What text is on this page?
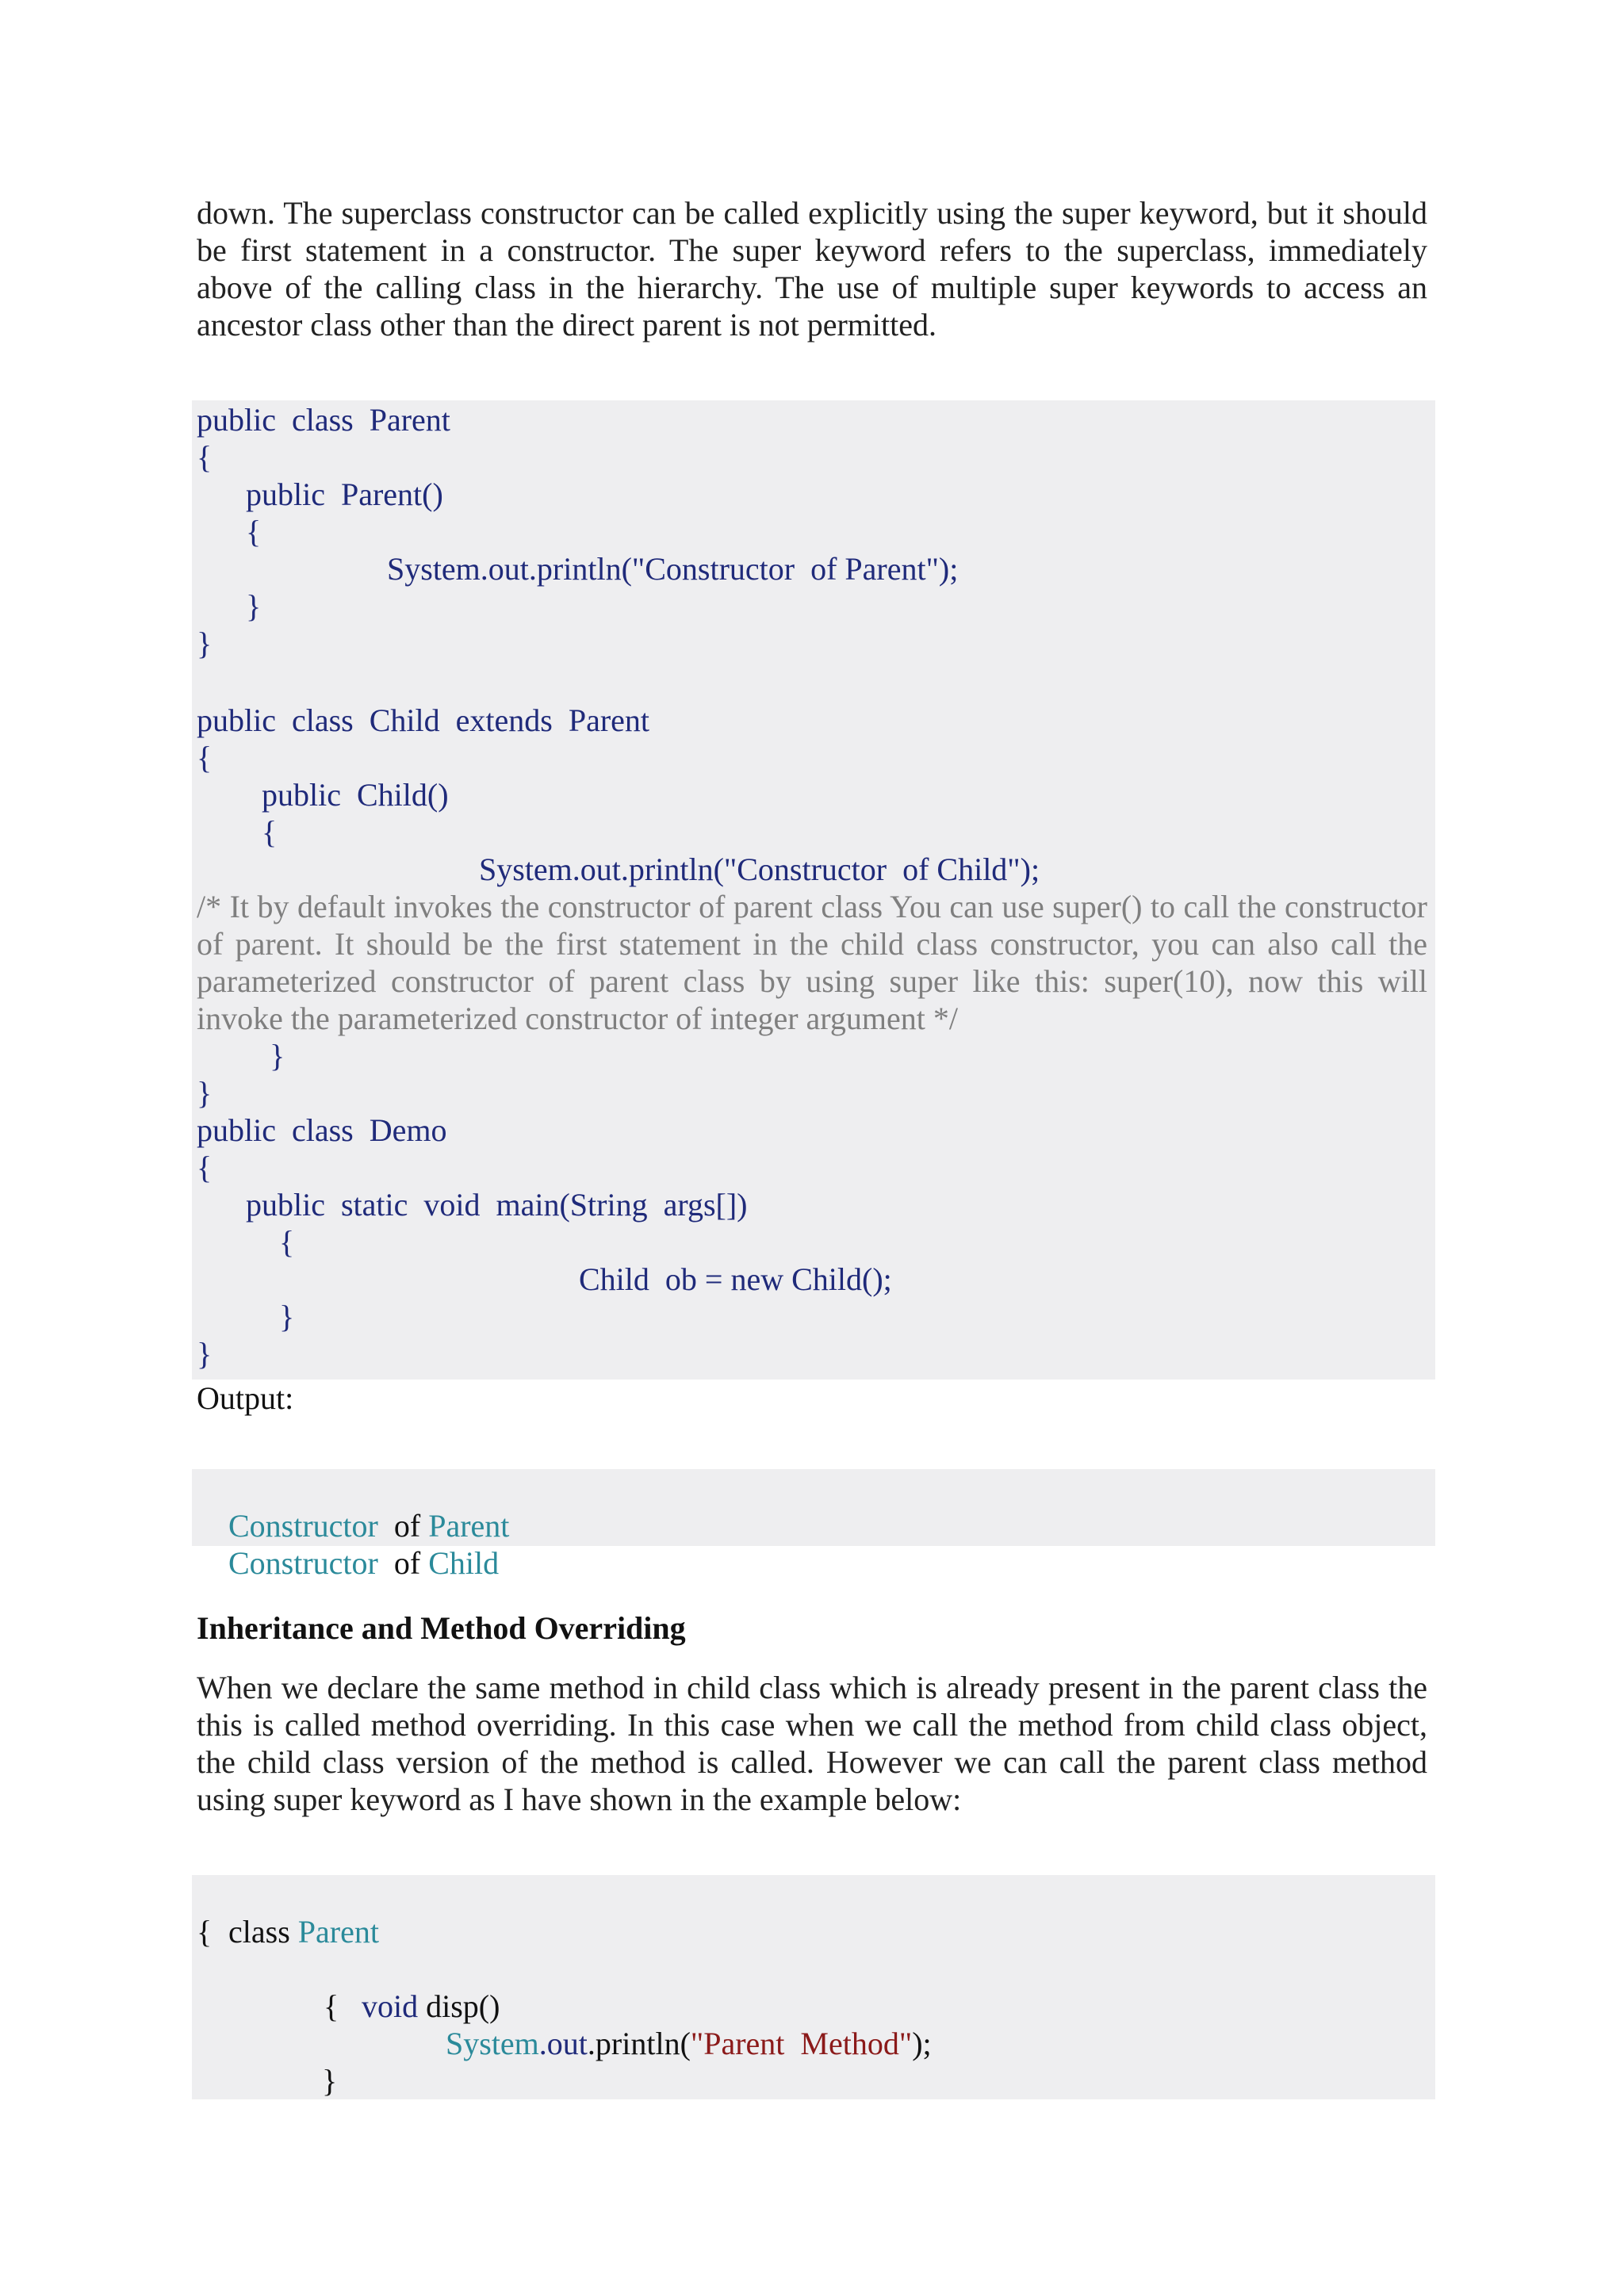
down. The superclass constructor can be called explicitly using the super keyword, but it should be first statement in a constructor. The super keyword refers to the superclass, immediately above of the calling class in the hierarchy. The use of multiple super keywords to access an ancestor class other than the direct parent is not permitted.
public  class  Parent
{
public  Parent()
{
System.out.println("Constructor  of Parent");
}
}
public  class  Child  extends  Parent
{
public  Child()
{
System.out.println("Constructor  of Child");
/* It by default invokes the constructor of parent class You can use super() to call the constructor of parent. It should be the first statement in the child class constructor, you can also call the parameterized constructor of parent class by using super like this: super(10), now this will invoke the parameterized constructor of integer argument */
}
}
public  class  Demo
{
public  static  void  main(String  args[])
{
Child  ob = new Child();
}
}
Output:

Constructor of Parent

Constructor of Child

Inheritance and Method Overriding
When we declare the same method in child class which is already present in the parent class the this is called method overriding. In this case when we call the method from child class object, the child class version of the method is called. However we can call the parent class method using super keyword as I have shown in the example below:

class Parent

{

void disp()

{
System.out.println("Parent  Method");
}
